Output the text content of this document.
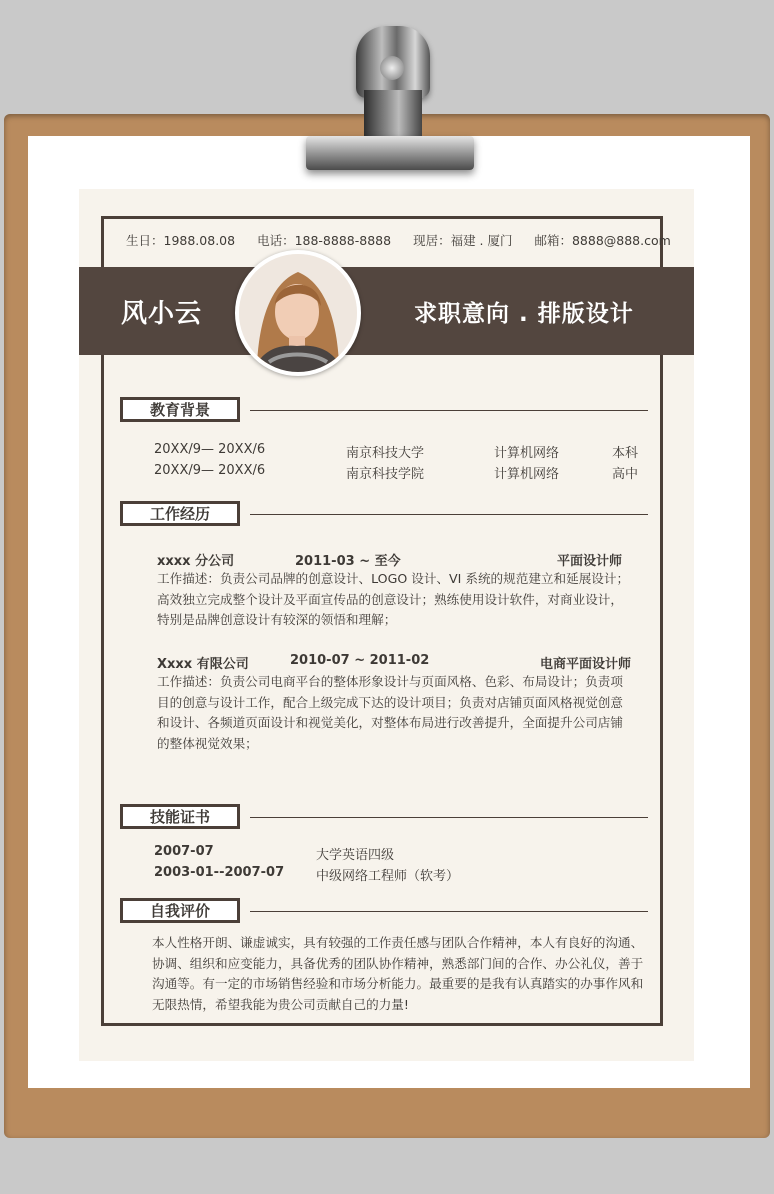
生日：1988.08.08 电话：188-8888-8888 现居：福建 . 厦门 邮箱：8888@888.com
风小云	求职意向 . 排版设计
教育背景
20XX/9— 20XX/6	南京科技大学	计算机网络	本科
20XX/9— 20XX/6	南京科技学院	计算机网络	高中
工作经历
xxxx 分公司	2011-03 ~ 至今	平面设计师
工作描述：负责公司品牌的创意设计、LOGO 设计、VI 系统的规范建立和延展设计；高效独立完成整个设计及平面宣传品的创意设计；熟练使用设计软件，对商业设计，特别是品牌创意设计有较深的领悟和理解；
Xxxx 有限公司	2010-07 ~ 2011-02	电商平面设计师
工作描述：负责公司电商平台的整体形象设计与页面风格、色彩、布局设计；负责项目的创意与设计工作，配合上级完成下达的设计项目；负责对店铺页面风格视觉创意和设计、各频道页面设计和视觉美化，对整体布局进行改善提升，全面提升公司店铺的整体视觉效果；
技能证书
2007-07	大学英语四级
2003-01--2007-07 中级网络工程师（软考）
自我评价
本人性格开朗、谦虚诚实，具有较强的工作责任感与团队合作精神，本人有良好的沟通、协调、组织和应变能力，具备优秀的团队协作精神，熟悉部门间的合作、办公礼仪，善于沟通等。有一定的市场销售经验和市场分析能力。最重要的是我有认真踏实的办事作风和无限热情，希望我能为贵公司贡献自己的力量!
